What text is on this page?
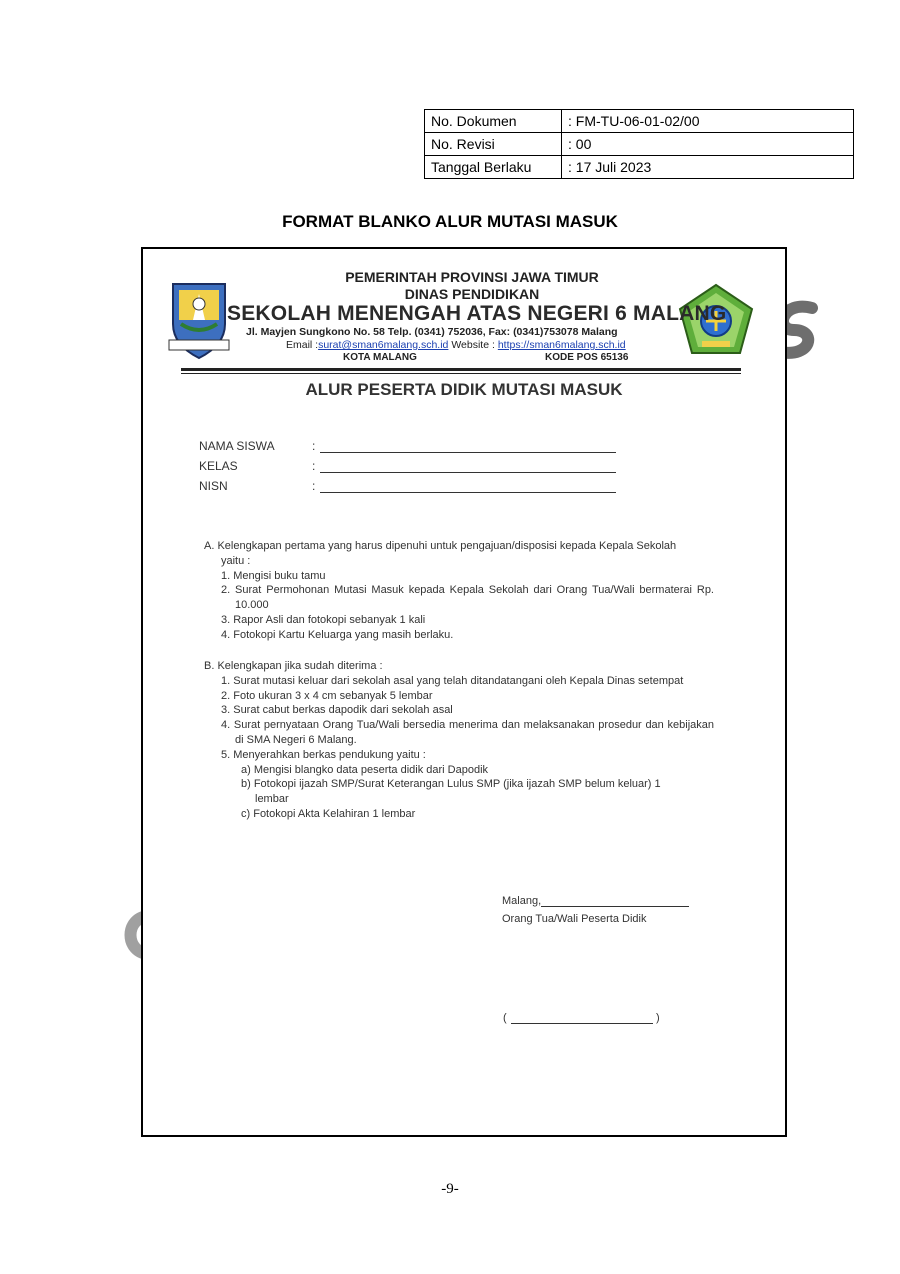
No. Dokumen	: FM-TU-06-01-02/00
No. Revisi	: 00
Tanggal Berlaku	: 17 Juli 2023
FORMAT BLANKO ALUR MUTASI MASUK
PEMERINTAH PROVINSI JAWA TIMUR
DINAS PENDIDIKAN
SEKOLAH MENENGAH ATAS NEGERI 6 MALANG
Jl. Mayjen Sungkono No. 58 Telp. (0341) 752036, Fax: (0341)753078 Malang
Email :surat@sman6malang.sch.id Website : https://sman6malang.sch.id
KOTA MALANG	KODE POS 65136
ALUR PESERTA DIDIK MUTASI MASUK
NAMA SISWA	:
KELAS	:
NISN	:
A. Kelengkapan pertama yang harus dipenuhi untuk pengajuan/disposisi kepada Kepala Sekolah
yaitu :
1. Mengisi buku tamu
2. Surat Permohonan Mutasi Masuk kepada Kepala Sekolah dari Orang Tua/Wali bermaterai Rp. 10.000
3. Rapor Asli dan fotokopi sebanyak 1 kali
4. Fotokopi Kartu Keluarga yang masih berlaku.
B. Kelengkapan jika sudah diterima :
1. Surat mutasi keluar dari sekolah asal yang telah ditandatangani oleh Kepala Dinas setempat
2. Foto ukuran 3 x 4 cm sebanyak 5 lembar
3. Surat cabut berkas dapodik dari sekolah asal
4. Surat pernyataan Orang Tua/Wali bersedia menerima dan melaksanakan prosedur dan kebijakan di SMA Negeri 6 Malang.
5. Menyerahkan berkas pendukung yaitu :
a) Mengisi blangko data peserta didik dari Dapodik
b) Fotokopi ijazah SMP/Surat Keterangan Lulus SMP (jika ijazah SMP belum keluar) 1 lembar
c) Fotokopi Akta Kelahiran 1 lembar
Malang,
Orang Tua/Wali Peserta Didik
(	)
-9-
